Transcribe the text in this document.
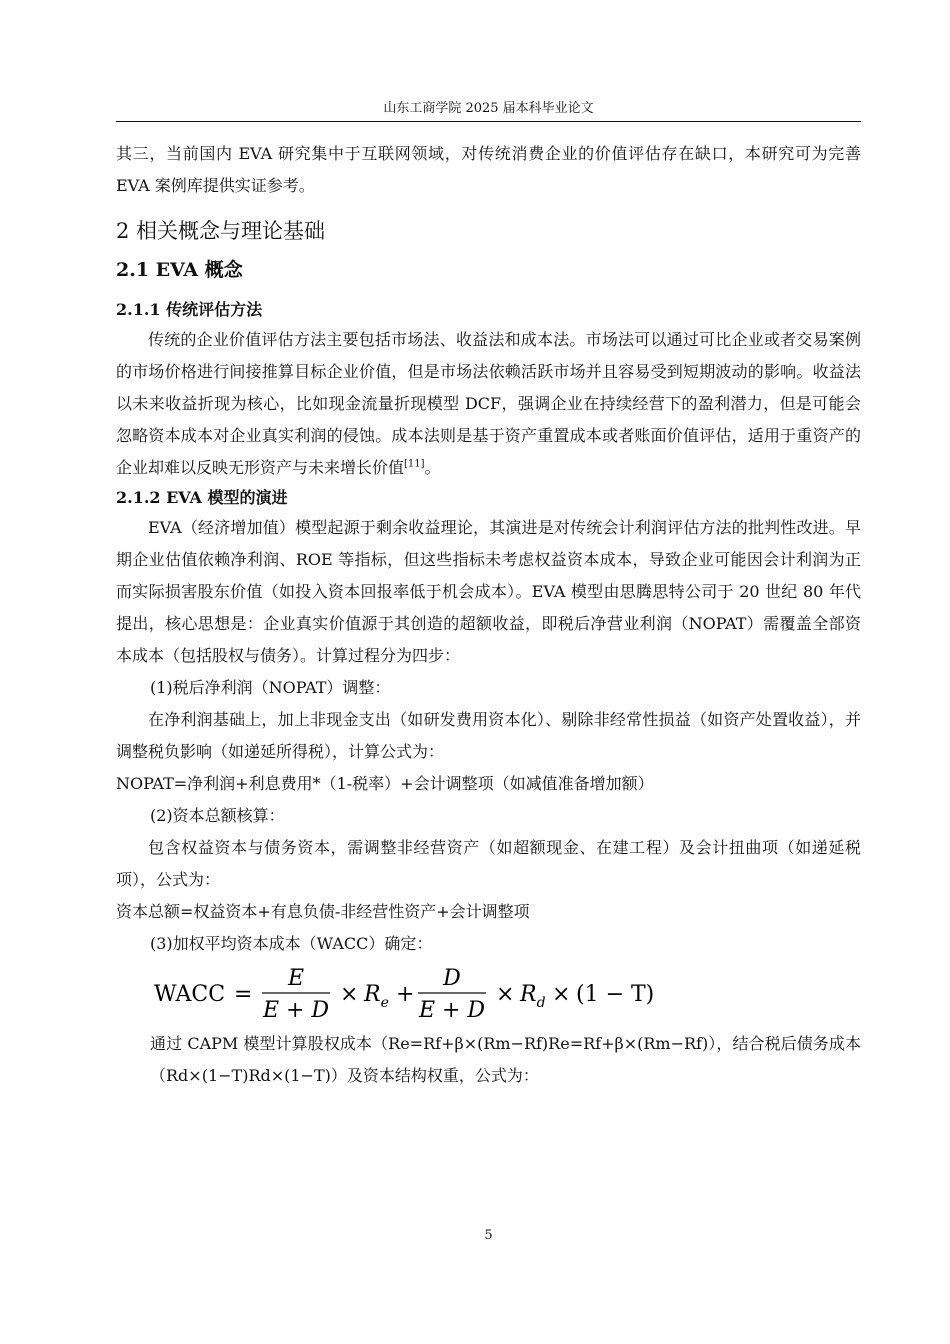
山东工商学院 2025 届本科毕业论文

其三，当前国内 EVA 研究集中于互联网领域，对传统消费企业的价值评估存在缺口，本研究可为完善 EVA 案例库提供实证参考。

2 相关概念与理论基础
2.1 EVA 概念
2.1.1 传统评估方法

传统的企业价值评估方法主要包括市场法、收益法和成本法。市场法可以通过可比企业或者交易案例的市场价格进行间接推算目标企业价值，但是市场法依赖活跃市场并且容易受到短期波动的影响。收益法以未来收益折现为核心，比如现金流量折现模型 DCF，强调企业在持续经营下的盈利潜力，但是可能会忽略资本成本对企业真实利润的侵蚀。成本法则是基于资产重置成本或者账面价值评估，适用于重资产的企业却难以反映无形资产与未来增长价值[11]。

2.1.2 EVA 模型的演进

EVA（经济增加值）模型起源于剩余收益理论，其演进是对传统会计利润评估方法的批判性改进。早期企业估值依赖净利润、ROE 等指标，但这些指标未考虑权益资本成本，导致企业可能因会计利润为正而实际损害股东价值（如投入资本回报率低于机会成本）。EVA 模型由思腾思特公司于 20 世纪 80 年代提出，核心思想是：企业真实价值源于其创造的超额收益，即税后净营业利润（NOPAT）需覆盖全部资本成本（包括股权与债务）。计算过程分为四步：

(1)税后净利润（NOPAT）调整：

在净利润基础上，加上非现金支出（如研发费用资本化）、剔除非经常性损益（如资产处置收益），并调整税负影响（如递延所得税），计算公式为：

NOPAT=净利润+利息费用*（1-税率）+会计调整项（如减值准备增加额）

(2)资本总额核算：

包含权益资本与债务资本，需调整非经营资产（如超额现金、在建工程）及会计扭曲项（如递延税项），公式为：

资本总额=权益资本+有息负债-非经营性资产+会计调整项

(3)加权平均资本成本（WACC）确定：

WACC =
E
E + D
× $R_e$ +
D
E + D
× $R_d \times (1 - T)$

通过 CAPM 模型计算股权成本（Re=Rf+β×(Rm−Rf)Re=Rf+β×(Rm−Rf)），结合税后债务成本（Rd×(1−T)Rd×(1−T)）及资本结构权重，公式为：

5
